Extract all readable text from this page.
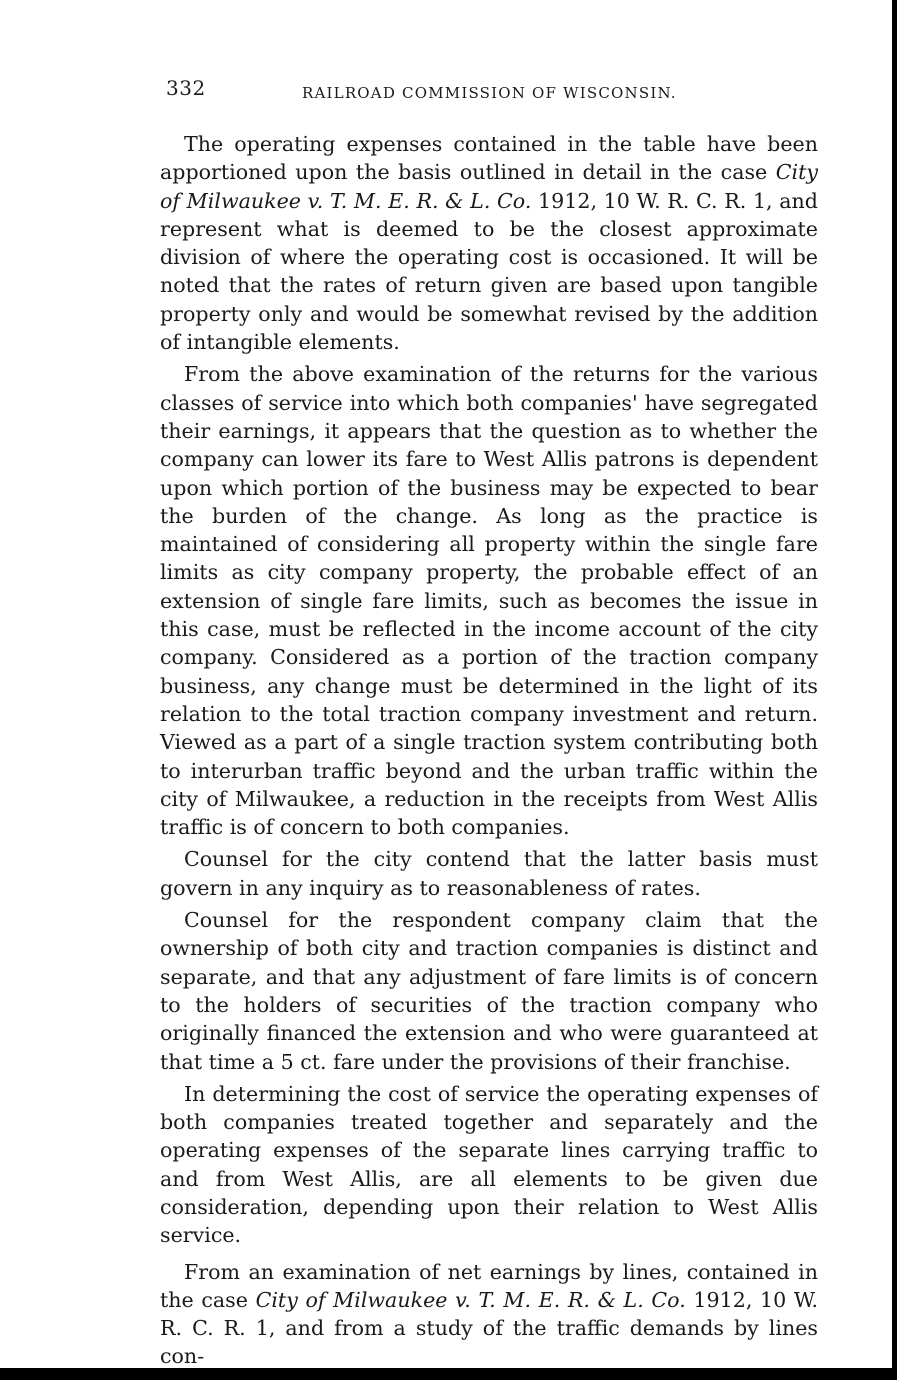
332	RAILROAD COMMISSION OF WISCONSIN.

The operating expenses contained in the table have been apportioned upon the basis outlined in detail in the case City of Milwaukee v. T. M. E. R. & L. Co. 1912, 10 W. R. C. R. 1, and represent what is deemed to be the closest approximate division of where the operating cost is occasioned. It will be noted that the rates of return given are based upon tangible property only and would be somewhat revised by the addition of intangible elements.

From the above examination of the returns for the various classes of service into which both companies' have segregated their earnings, it appears that the question as to whether the company can lower its fare to West Allis patrons is dependent upon which portion of the business may be expected to bear the burden of the change. As long as the practice is maintained of considering all property within the single fare limits as city company property, the probable effect of an extension of single fare limits, such as becomes the issue in this case, must be reflected in the income account of the city company. Considered as a portion of the traction company business, any change must be determined in the light of its relation to the total traction company investment and return. Viewed as a part of a single traction system contributing both to interurban traffic beyond and the urban traffic within the city of Milwaukee, a reduction in the receipts from West Allis traffic is of concern to both companies.

Counsel for the city contend that the latter basis must govern in any inquiry as to reasonableness of rates.

Counsel for the respondent company claim that the ownership of both city and traction companies is distinct and separate, and that any adjustment of fare limits is of concern to the holders of securities of the traction company who originally financed the extension and who were guaranteed at that time a 5 ct. fare under the provisions of their franchise.

In determining the cost of service the operating expenses of both companies treated together and separately and the operating expenses of the separate lines carrying traffic to and from West Allis, are all elements to be given due consideration, depending upon their relation to West Allis service.

From an examination of net earnings by lines, contained in the case City of Milwaukee v. T. M. E. R. & L. Co. 1912, 10 W. R. C. R. 1, and from a study of the traffic demands by lines con-
